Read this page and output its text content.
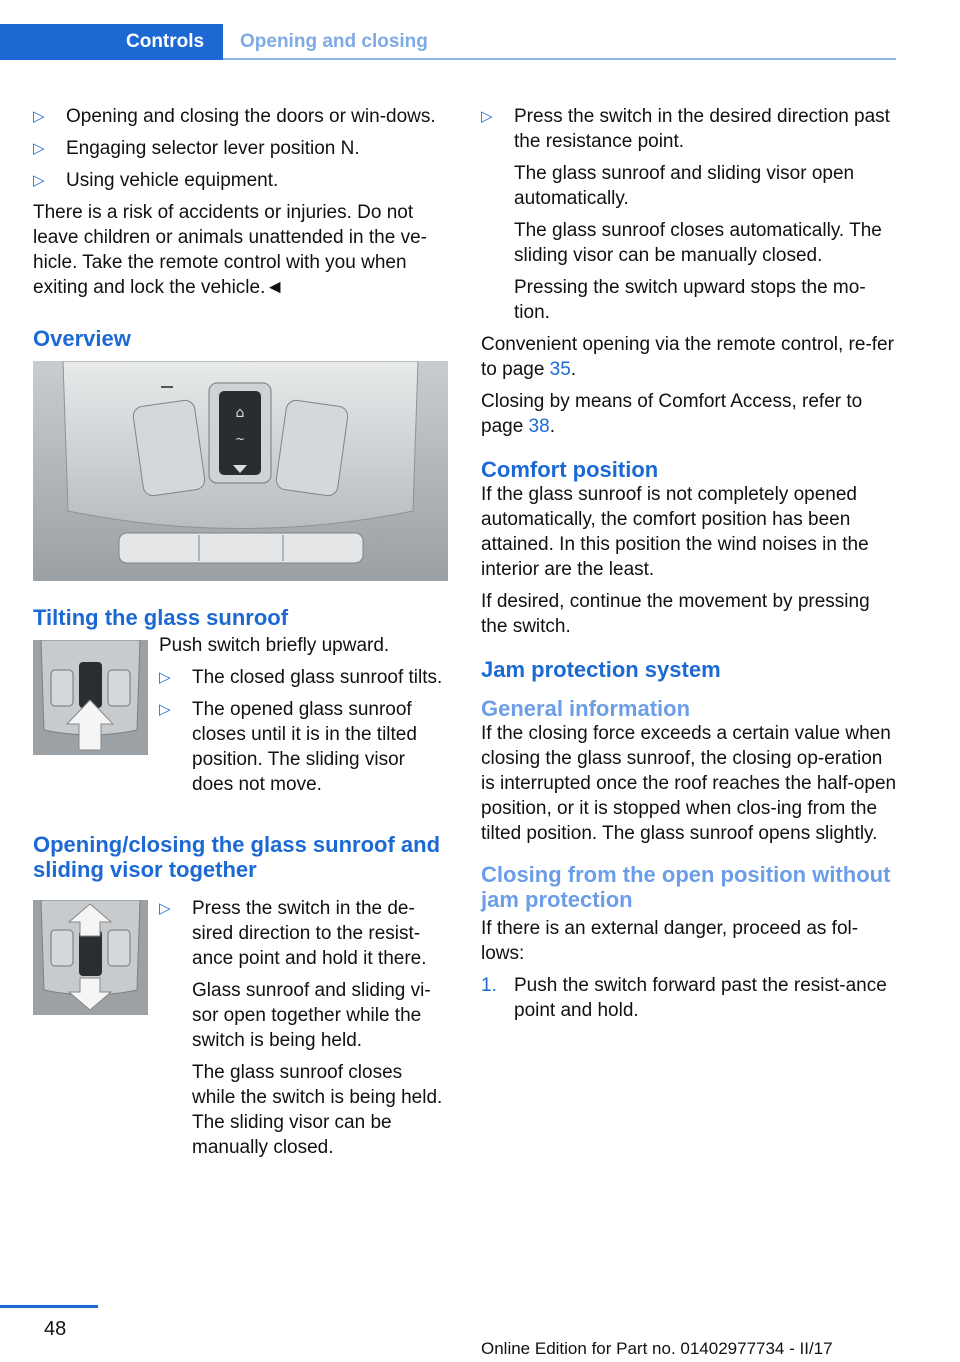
Controls	Opening and closing
▷	Opening and closing the doors or win-dows.
▷	Engaging selector lever position N.
▷	Using vehicle equipment.

There is a risk of accidents or injuries. Do not leave children or animals unattended in the ve-hicle. Take the remote control with you when exiting and lock the vehicle.◄

Overview
⌂
~
Tilting the glass sunroof

Push switch briefly upward.

▷	The closed glass sunroof tilts.
▷	The opened glass sunroof closes until it is in the tilted position. The sliding visor does not move.
Opening/closing the glass sunroof and sliding visor together
▷	Press the switch in the de-sired direction to the resist-ance point and hold it there.

Glass sunroof and sliding vi-sor open together while the switch is being held.

The glass sunroof closes while the switch is being held. The sliding visor can be manually closed.

▷	Press the switch in the desired direction past the resistance point.

The glass sunroof and sliding visor open automatically.

The glass sunroof closes automatically. The sliding visor can be manually closed.

Pressing the switch upward stops the mo-tion.

Convenient opening via the remote control, re-fer to page 35.

Closing by means of Comfort Access, refer to page 38.

Comfort position

If the glass sunroof is not completely opened automatically, the comfort position has been attained. In this position the wind noises in the interior are the least.

If desired, continue the movement by pressing the switch.

Jam protection system
General information

If the closing force exceeds a certain value when closing the glass sunroof, the closing op-eration is interrupted once the roof reaches the half-open position, or it is stopped when clos-ing from the tilted position. The glass sunroof opens slightly.

Closing from the open position without jam protection

If there is an external danger, proceed as fol-lows:

1. Push the switch forward past the resist-ance point and hold.
48
Online Edition for Part no. 01402977734 - II/17
